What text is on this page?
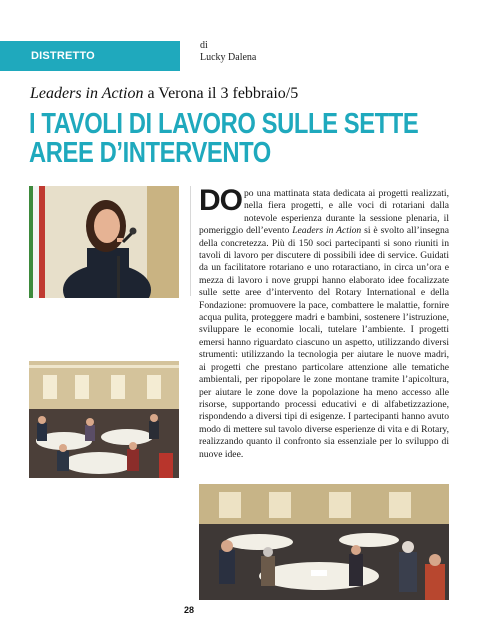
DISTRETTO
di
Lucky Dalena
Leaders in Action a Verona il 3 febbraio/5
I TAVOLI DI LAVORO SULLE SETTE
AREE D’INTERVENTO
DO po una mattinata stata dedicata ai progetti realizzati, nella fiera progetti, e alle voci di rotariani dalla notevole esperienza durante la sessione plenaria, il pomeriggio dell’evento Leaders in Action si è svolto all’insegna della concretezza. Più di 150 soci partecipanti si sono riuniti in tavoli di lavoro per discutere di possibili idee di service. Guidati da un facilitatore rotariano e uno rotaractiano, in circa un’ora e mezza di lavoro i nove gruppi hanno elaborato idee focalizzate sulle sette aree d’intervento del Rotary International e della Fondazione: promuovere la pace, combattere le malattie, fornire acqua pulita, proteggere madri e bambini, sostenere l’istruzione, sviluppare le economie locali, tutelare l’ambiente. I progetti emersi hanno riguardato ciascuno un aspetto, utilizzando diversi strumenti: utilizzando la tecnologia per aiutare le nuove madri, ai progetti che prestano particolare attenzione alle tematiche ambientali, per ripopolare le zone montane tramite l’apicoltura, per aiutare le zone dove la popolazione ha meno accesso alle risorse, supportando processi educativi e di alfabetizzazione, rispondendo a diversi tipi di esigenze. I partecipanti hanno avuto modo di mettere sul tavolo diverse esperienze di vita e di Rotary, realizzando quanto il confronto sia essenziale per lo sviluppo di nuove idee.
28
